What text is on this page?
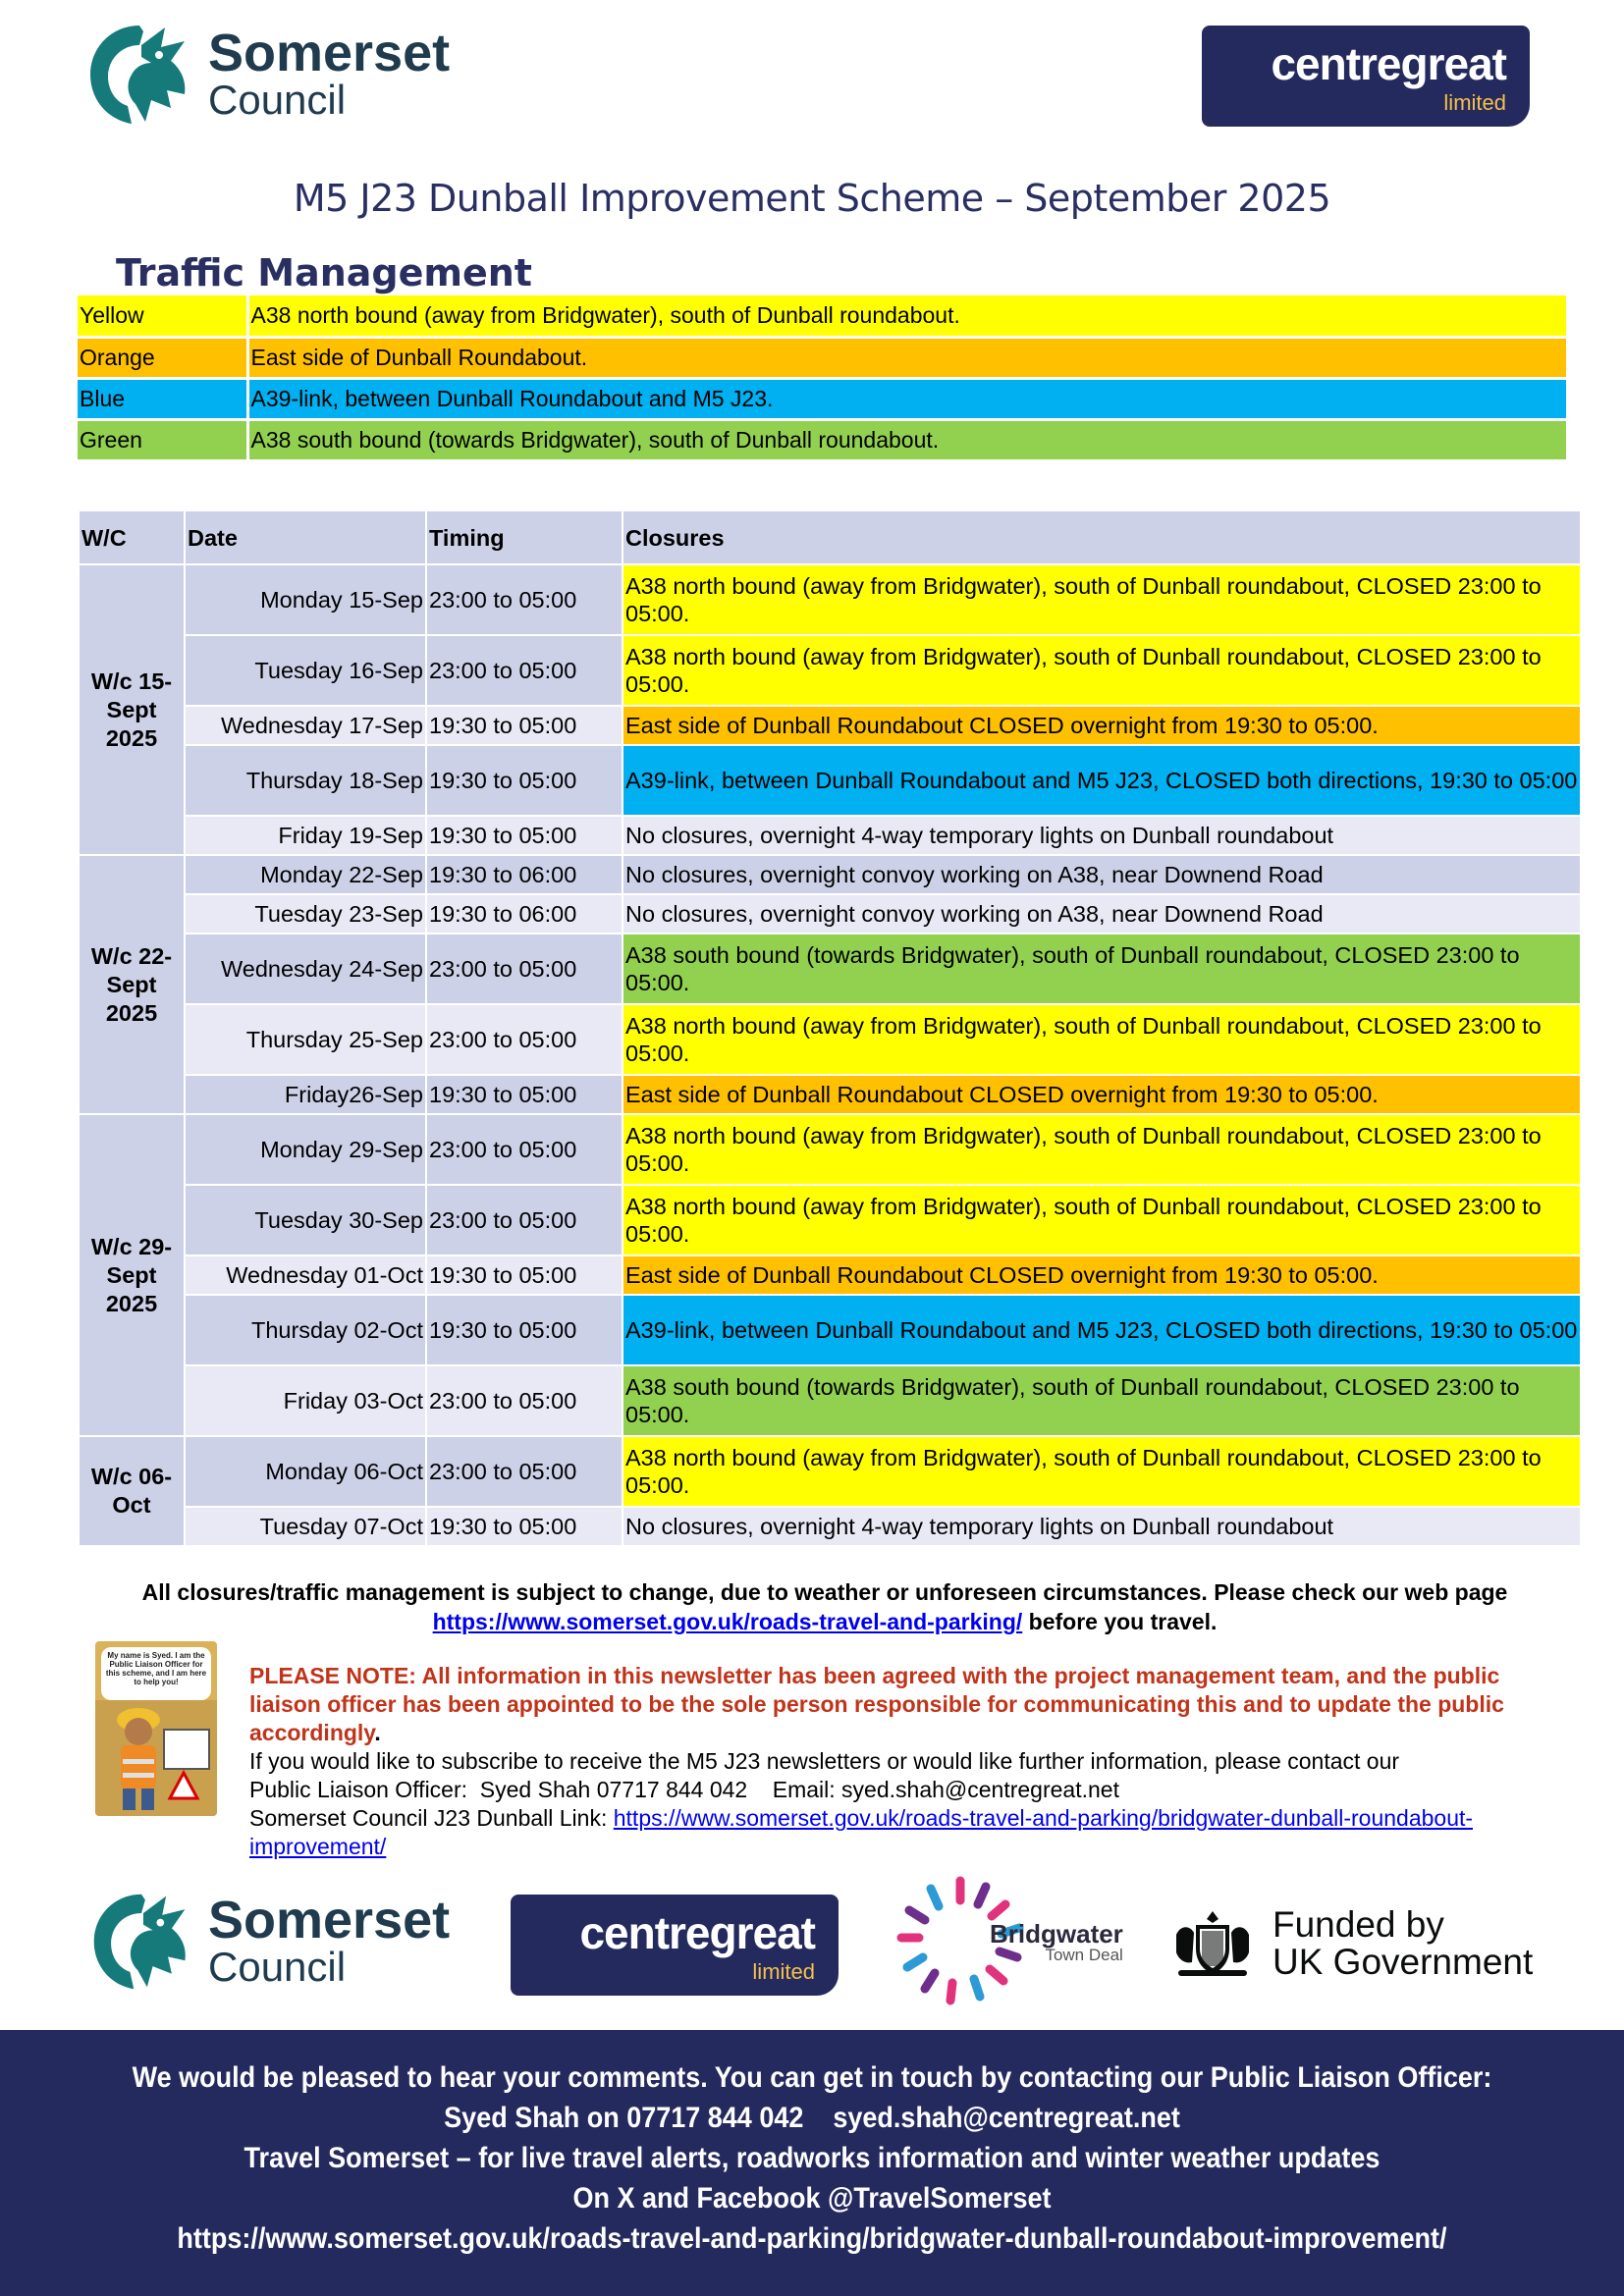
Somerset
Council
centregreat
limited
M5 J23 Dunball Improvement Scheme – September 2025
Traffic Management
Yellow	A38 north bound (away from Bridgwater), south of Dunball roundabout.
Orange	East side of Dunball Roundabout.
Blue	A39-link, between Dunball Roundabout and M5 J23.
Green	A38 south bound (towards Bridgwater), south of Dunball roundabout.
W/C	Date	Timing	Closures
W/c 15-Sept 2025	Monday 15-Sep	23:00 to 05:00	A38 north bound (away from Bridgwater), south of Dunball roundabout, CLOSED 23:00 to 05:00.
	Tuesday 16-Sep	23:00 to 05:00	A38 north bound (away from Bridgwater), south of Dunball roundabout, CLOSED 23:00 to 05:00.
	Wednesday 17-Sep	19:30 to 05:00	East side of Dunball Roundabout CLOSED overnight from 19:30 to 05:00.
	Thursday 18-Sep	19:30 to 05:00	A39-link, between Dunball Roundabout and M5 J23, CLOSED both directions, 19:30 to 05:00
	Friday 19-Sep	19:30 to 05:00	No closures, overnight 4-way temporary lights on Dunball roundabout
W/c 22-Sept 2025	Monday 22-Sep	19:30 to 06:00	No closures, overnight convoy working on A38, near Downend Road
	Tuesday 23-Sep	19:30 to 06:00	No closures, overnight convoy working on A38, near Downend Road
	Wednesday 24-Sep	23:00 to 05:00	A38 south bound (towards Bridgwater), south of Dunball roundabout, CLOSED 23:00 to 05:00.
	Thursday 25-Sep	23:00 to 05:00	A38 north bound (away from Bridgwater), south of Dunball roundabout, CLOSED 23:00 to 05:00.
	Friday26-Sep	19:30 to 05:00	East side of Dunball Roundabout CLOSED overnight from 19:30 to 05:00.
W/c 29-Sept 2025	Monday 29-Sep	23:00 to 05:00	A38 north bound (away from Bridgwater), south of Dunball roundabout, CLOSED 23:00 to 05:00.
	Tuesday 30-Sep	23:00 to 05:00	A38 north bound (away from Bridgwater), south of Dunball roundabout, CLOSED 23:00 to 05:00.
	Wednesday 01-Oct	19:30 to 05:00	East side of Dunball Roundabout CLOSED overnight from 19:30 to 05:00.
	Thursday 02-Oct	19:30 to 05:00	A39-link, between Dunball Roundabout and M5 J23, CLOSED both directions, 19:30 to 05:00
	Friday 03-Oct	23:00 to 05:00	A38 south bound (towards Bridgwater), south of Dunball roundabout, CLOSED 23:00 to 05:00.
W/c 06-Oct	Monday 06-Oct	23:00 to 05:00	A38 north bound (away from Bridgwater), south of Dunball roundabout, CLOSED 23:00 to 05:00.
	Tuesday 07-Oct	19:30 to 05:00	No closures, overnight 4-way temporary lights on Dunball roundabout
All closures/traffic management is subject to change, due to weather or unforeseen circumstances. Please check our web page https://www.somerset.gov.uk/roads-travel-and-parking/ before you travel.
My name is Syed. I am the Public Liaison Officer for this scheme, and I am here to help you!	PLEASE NOTE: All information in this newsletter has been agreed with the project management team, and the public liaison officer has been appointed to be the sole person responsible for communicating this and to update the public accordingly.
If you would like to subscribe to receive the M5 J23 newsletters or would like further information, please contact our
Public Liaison Officer:  Syed Shah 07717 844 042    Email: syed.shah@centregreat.net
Somerset Council J23 Dunball Link: https://www.somerset.gov.uk/roads-travel-and-parking/bridgwater-dunball-roundabout-improvement/
Somerset
Council
centregreat
limited
Bridgwater
Town Deal
Funded by
UK Government
We would be pleased to hear your comments. You can get in touch by contacting our Public Liaison Officer:
Syed Shah on 07717 844 042    syed.shah@centregreat.net
Travel Somerset – for live travel alerts, roadworks information and winter weather updates
On X and Facebook @TravelSomerset
https://www.somerset.gov.uk/roads-travel-and-parking/bridgwater-dunball-roundabout-improvement/
